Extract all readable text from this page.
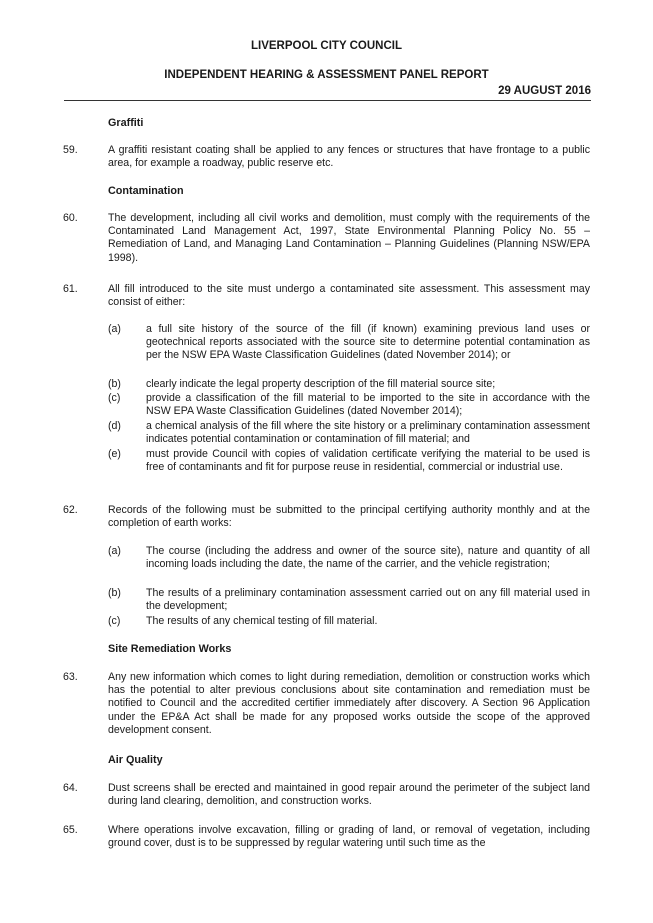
LIVERPOOL CITY COUNCIL
INDEPENDENT HEARING & ASSESSMENT PANEL REPORT
29 AUGUST 2016
Graffiti
59.	A graffiti resistant coating shall be applied to any fences or structures that have frontage to a public area, for example a roadway, public reserve etc.
Contamination
60.	The development, including all civil works and demolition, must comply with the requirements of the Contaminated Land Management Act, 1997, State Environmental Planning Policy No. 55 – Remediation of Land, and Managing Land Contamination – Planning Guidelines (Planning NSW/EPA 1998).
61.	All fill introduced to the site must undergo a contaminated site assessment. This assessment may consist of either:
(a) a full site history of the source of the fill (if known) examining previous land uses or geotechnical reports associated with the source site to determine potential contamination as per the NSW EPA Waste Classification Guidelines (dated November 2014); or
(b) clearly indicate the legal property description of the fill material source site;
(c) provide a classification of the fill material to be imported to the site in accordance with the NSW EPA Waste Classification Guidelines (dated November 2014);
(d) a chemical analysis of the fill where the site history or a preliminary contamination assessment indicates potential contamination or contamination of fill material; and
(e) must provide Council with copies of validation certificate verifying the material to be used is free of contaminants and fit for purpose reuse in residential, commercial or industrial use.
62.	Records of the following must be submitted to the principal certifying authority monthly and at the completion of earth works:
(a) The course (including the address and owner of the source site), nature and quantity of all incoming loads including the date, the name of the carrier, and the vehicle registration;
(b) The results of a preliminary contamination assessment carried out on any fill material used in the development;
(c) The results of any chemical testing of fill material.
Site Remediation Works
63.	Any new information which comes to light during remediation, demolition or construction works which has the potential to alter previous conclusions about site contamination and remediation must be notified to Council and the accredited certifier immediately after discovery. A Section 96 Application under the EP&A Act shall be made for any proposed works outside the scope of the approved development consent.
Air Quality
64.	Dust screens shall be erected and maintained in good repair around the perimeter of the subject land during land clearing, demolition, and construction works.
65.	Where operations involve excavation, filling or grading of land, or removal of vegetation, including ground cover, dust is to be suppressed by regular watering until such time as the
